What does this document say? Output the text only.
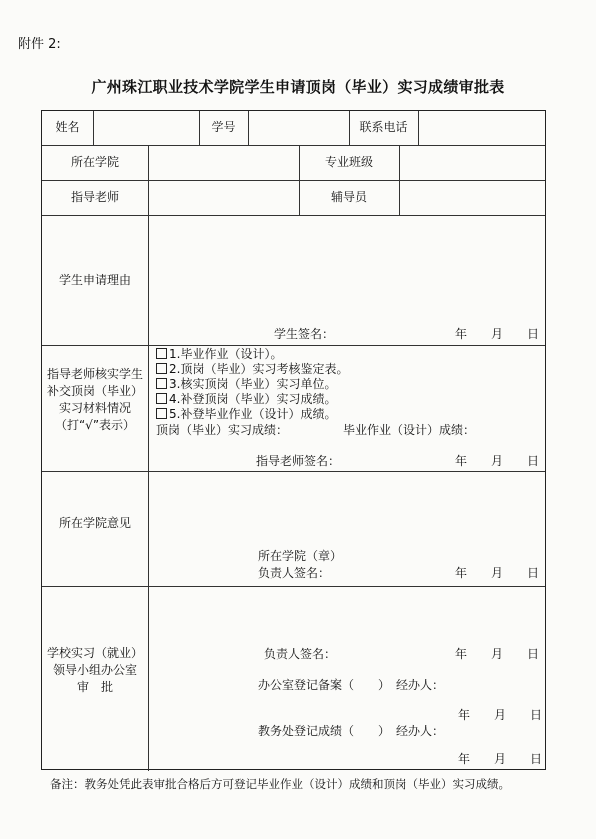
附件 2:
广州珠江职业技术学院学生申请顶岗（毕业）实习成绩审批表
姓名	学号	联系电话
所在学院	专业班级
指导老师	辅导员
学生申请理由
学生签名：	年 月 日
指导老师核实学生
补交顶岗（毕业）
实习材料情况
（打“√”表示）
1.毕业作业（设计）。
2.顶岗（毕业）实习考核鉴定表。
3.核实顶岗（毕业）实习单位。
4.补登顶岗（毕业）实习成绩。
5.补登毕业作业（设计）成绩。
顶岗（毕业）实习成绩：	毕业作业（设计）成绩：
指导老师签名：	年 月 日
所在学院意见
所在学院（章）
负责人签名：	年 月 日
学校实习（就业）
领导小组办公室
审　批
负责人签名：	年 月 日
办公室登记备案（　　）　经办人：
年 月 日
教务处登记成绩（　　）　经办人：
年 月 日
备注：教务处凭此表审批合格后方可登记毕业作业（设计）成绩和顶岗（毕业）实习成绩。
